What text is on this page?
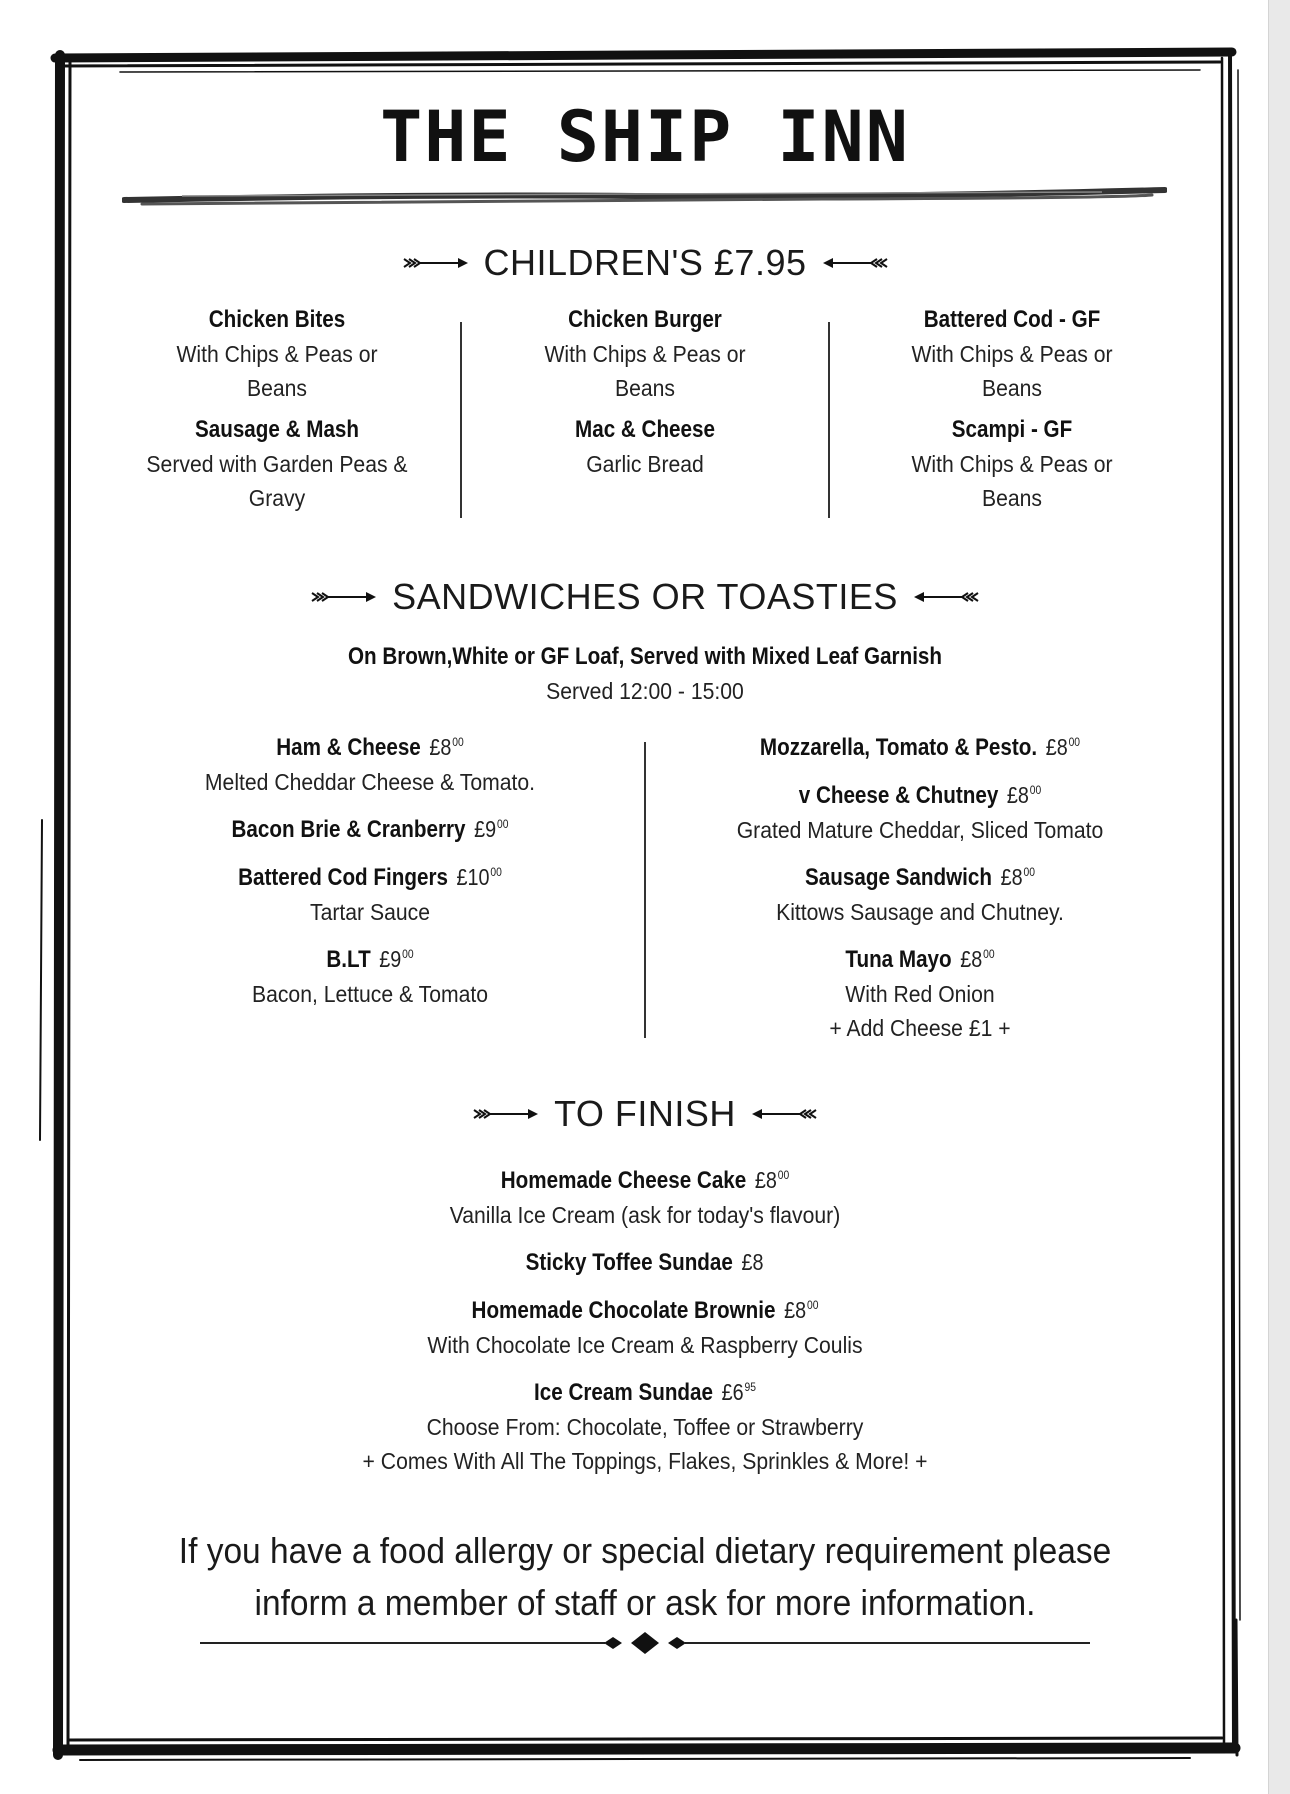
THE SHIP INN
CHILDREN'S £7.95
Chicken Bites
With Chips & Peas or
Beans
Sausage & Mash
Served with Garden Peas &
Gravy
Chicken Burger
With Chips & Peas or
Beans
Mac & Cheese
Garlic Bread
Battered Cod - GF
With Chips & Peas or
Beans
Scampi - GF
With Chips & Peas or
Beans
SANDWICHES OR TOASTIES
On Brown,White or GF Loaf, Served with Mixed Leaf Garnish
Served 12:00 - 15:00
Ham & Cheese $£8^{00}$
Melted Cheddar Cheese & Tomato.
Bacon Brie & Cranberry $£9^{00}$
Battered Cod Fingers $£10^{00}$
Tartar Sauce
B.LT $£9^{00}$
Bacon, Lettuce & Tomato
Mozzarella, Tomato & Pesto. $£8^{00}$
v Cheese & Chutney $£8^{00}$
Grated Mature Cheddar, Sliced Tomato
Sausage Sandwich $£8^{00}$
Kittows Sausage and Chutney.
Tuna Mayo $£8^{00}$
With Red Onion
+ Add Cheese £1 +
TO FINISH
Homemade Cheese Cake $£8^{00}$
Vanilla Ice Cream (ask for today's flavour)
Sticky Toffee Sundae £8
Homemade Chocolate Brownie $£8^{00}$
With Chocolate Ice Cream & Raspberry Coulis
Ice Cream Sundae $£6^{95}$
Choose From: Chocolate, Toffee or Strawberry
+ Comes With All The Toppings, Flakes, Sprinkles & More! +
If you have a food allergy or special dietary requirement please
inform a member of staff or ask for more information.
